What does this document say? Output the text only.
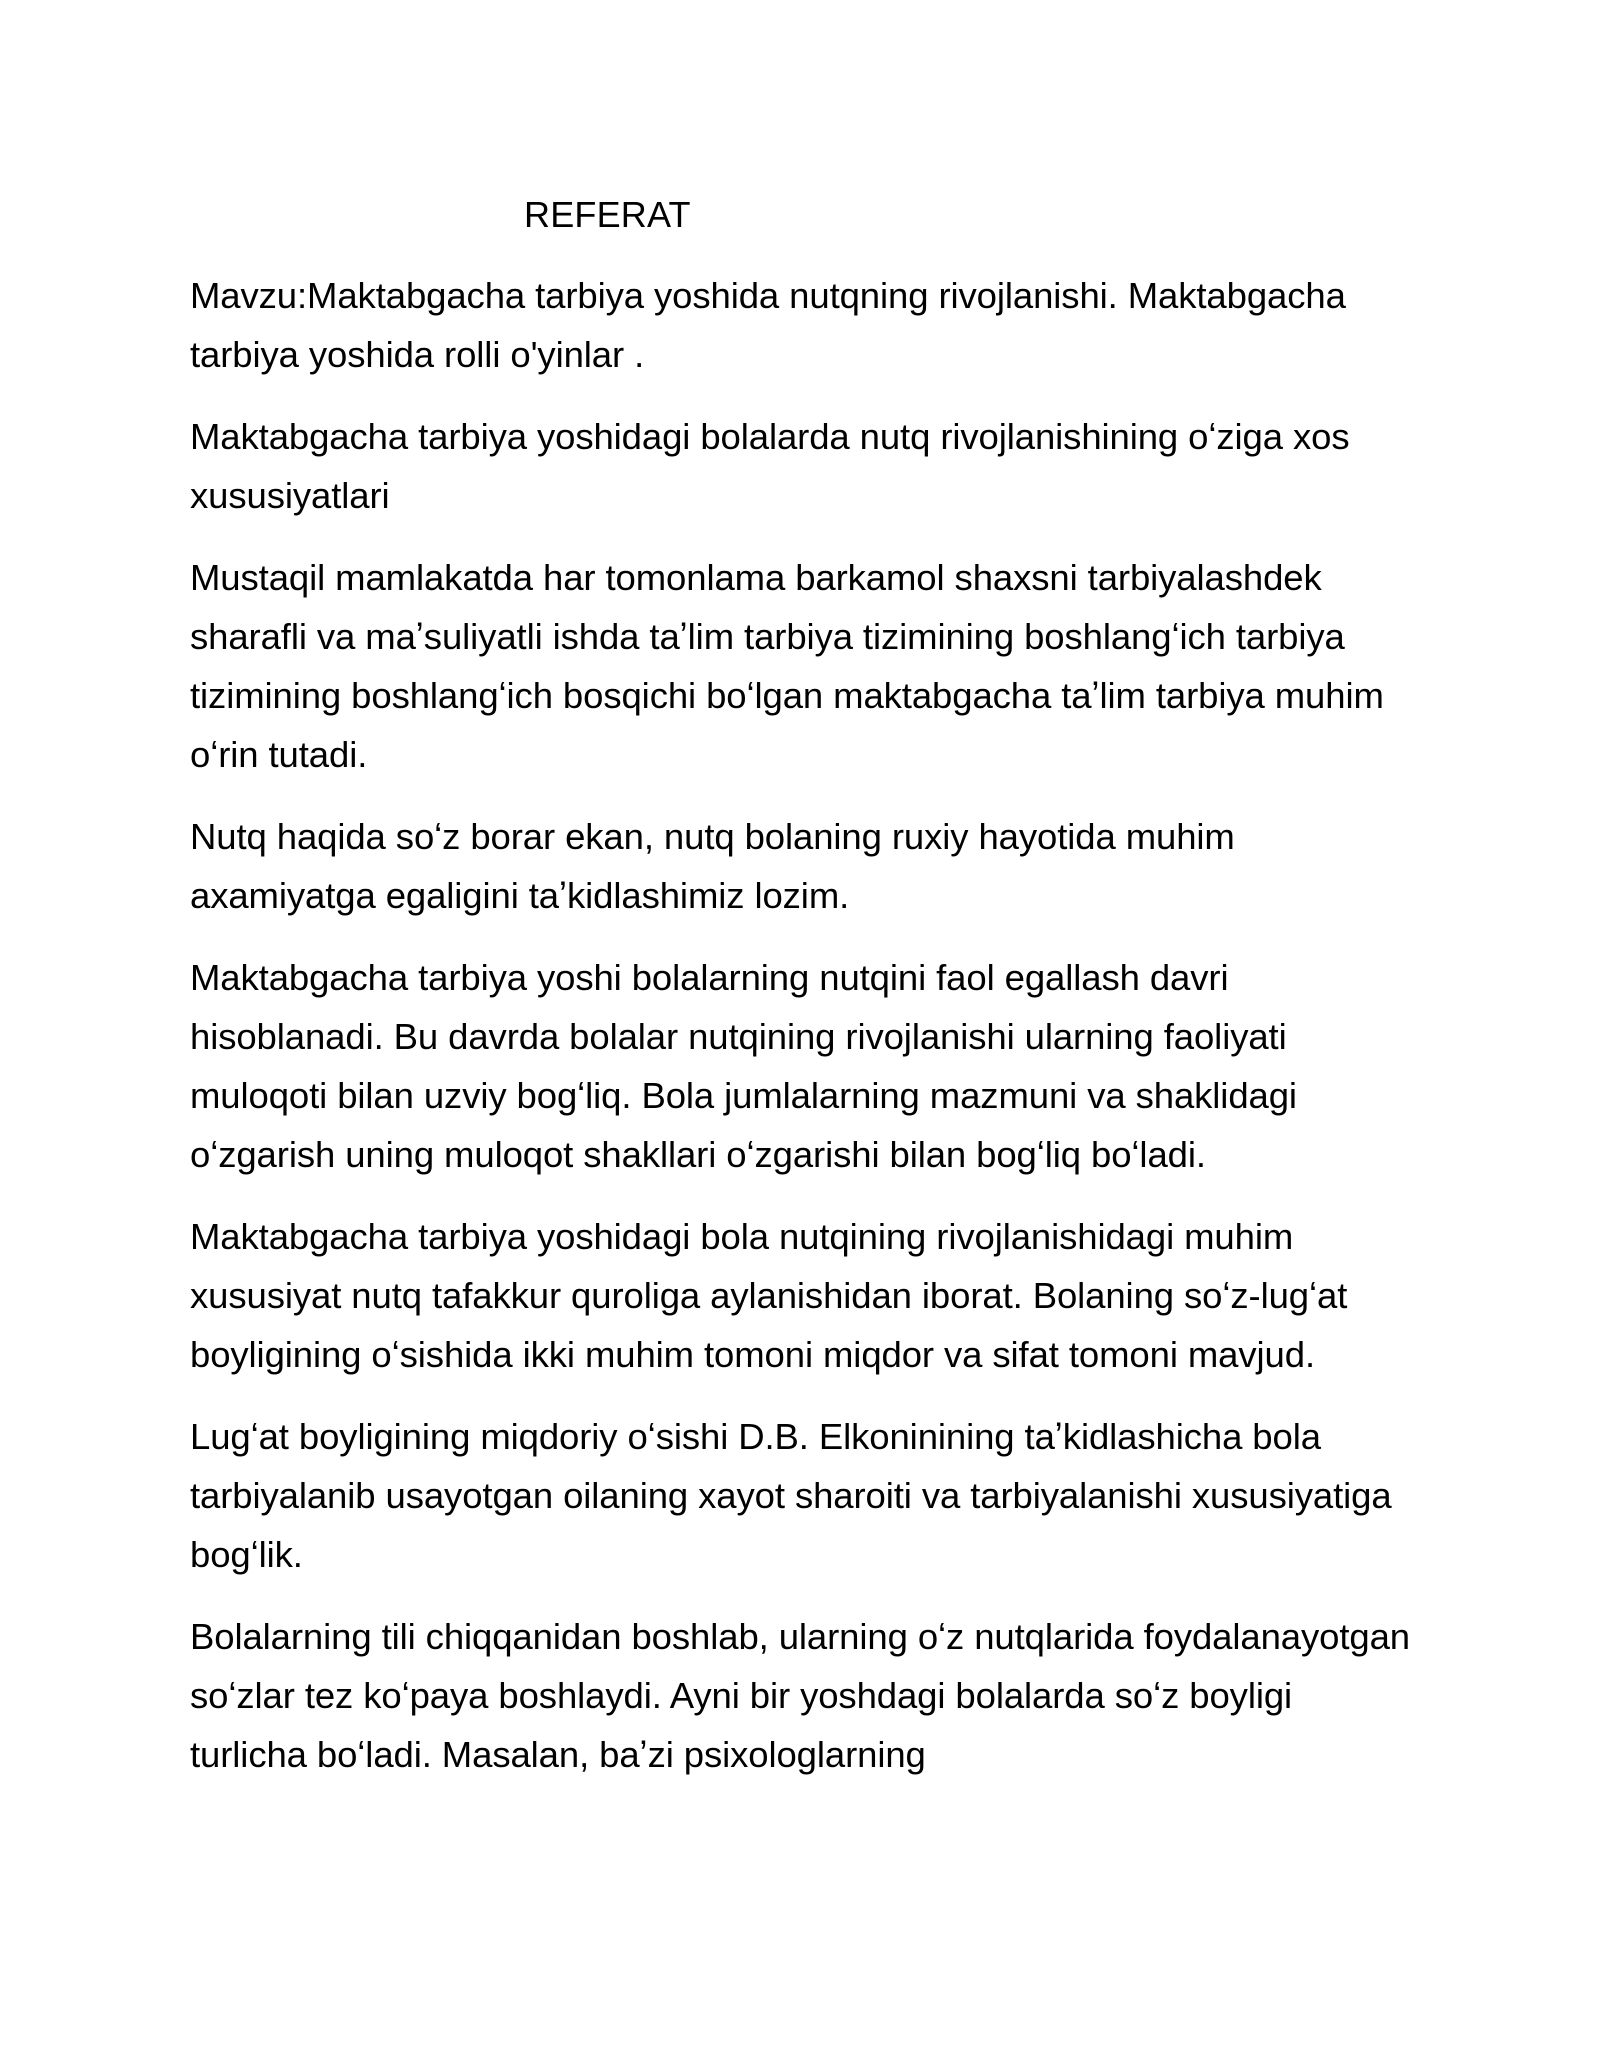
REFERAT

Mavzu:Maktabgacha tarbiya yoshida nutqning rivojlanishi. Maktabgacha tarbiya yoshida rolli o'yinlar .

Maktabgacha tarbiya yoshidagi bolalarda nutq rivojlanishining oʻziga xos xususiyatlari

Mustaqil mamlakatda har tomonlama barkamol shaxsni tarbiyalashdek sharafli va maʼsuliyatli ishda taʼlim tarbiya tizimining boshlangʻich tarbiya tizimining boshlangʻich bosqichi boʻlgan maktabgacha taʼlim tarbiya muhim oʻrin tutadi.

Nutq haqida soʻz borar ekan, nutq bolaning ruxiy hayotida muhim axamiyatga egaligini taʼkidlashimiz lozim.

Maktabgacha tarbiya yoshi bolalarning nutqini faol egallash davri hisoblanadi. Bu davrda bolalar nutqining rivojlanishi ularning faoliyati muloqoti bilan uzviy bogʻliq. Bola jumlalarning mazmuni va shaklidagi oʻzgarish uning muloqot shakllari oʻzgarishi bilan bogʻliq boʻladi.

Maktabgacha tarbiya yoshidagi bola nutqining rivojlanishidagi muhim xususiyat nutq tafakkur quroliga aylanishidan iborat. Bolaning soʻz-lugʻat boyligining oʻsishida ikki muhim tomoni miqdor va sifat tomoni mavjud.

Lugʻat boyligining miqdoriy oʻsishi D.B. Elkoninining taʼkidlashicha bola tarbiyalanib usayotgan oilaning xayot sharoiti va tarbiyalanishi xususiyatiga bogʻlik.

Bolalarning tili chiqqanidan boshlab, ularning oʻz nutqlarida foydalanayotgan soʻzlar tez koʻpaya boshlaydi. Ayni bir yoshdagi bolalarda soʻz boyligi turlicha boʻladi. Masalan, baʼzi psixologlarning
